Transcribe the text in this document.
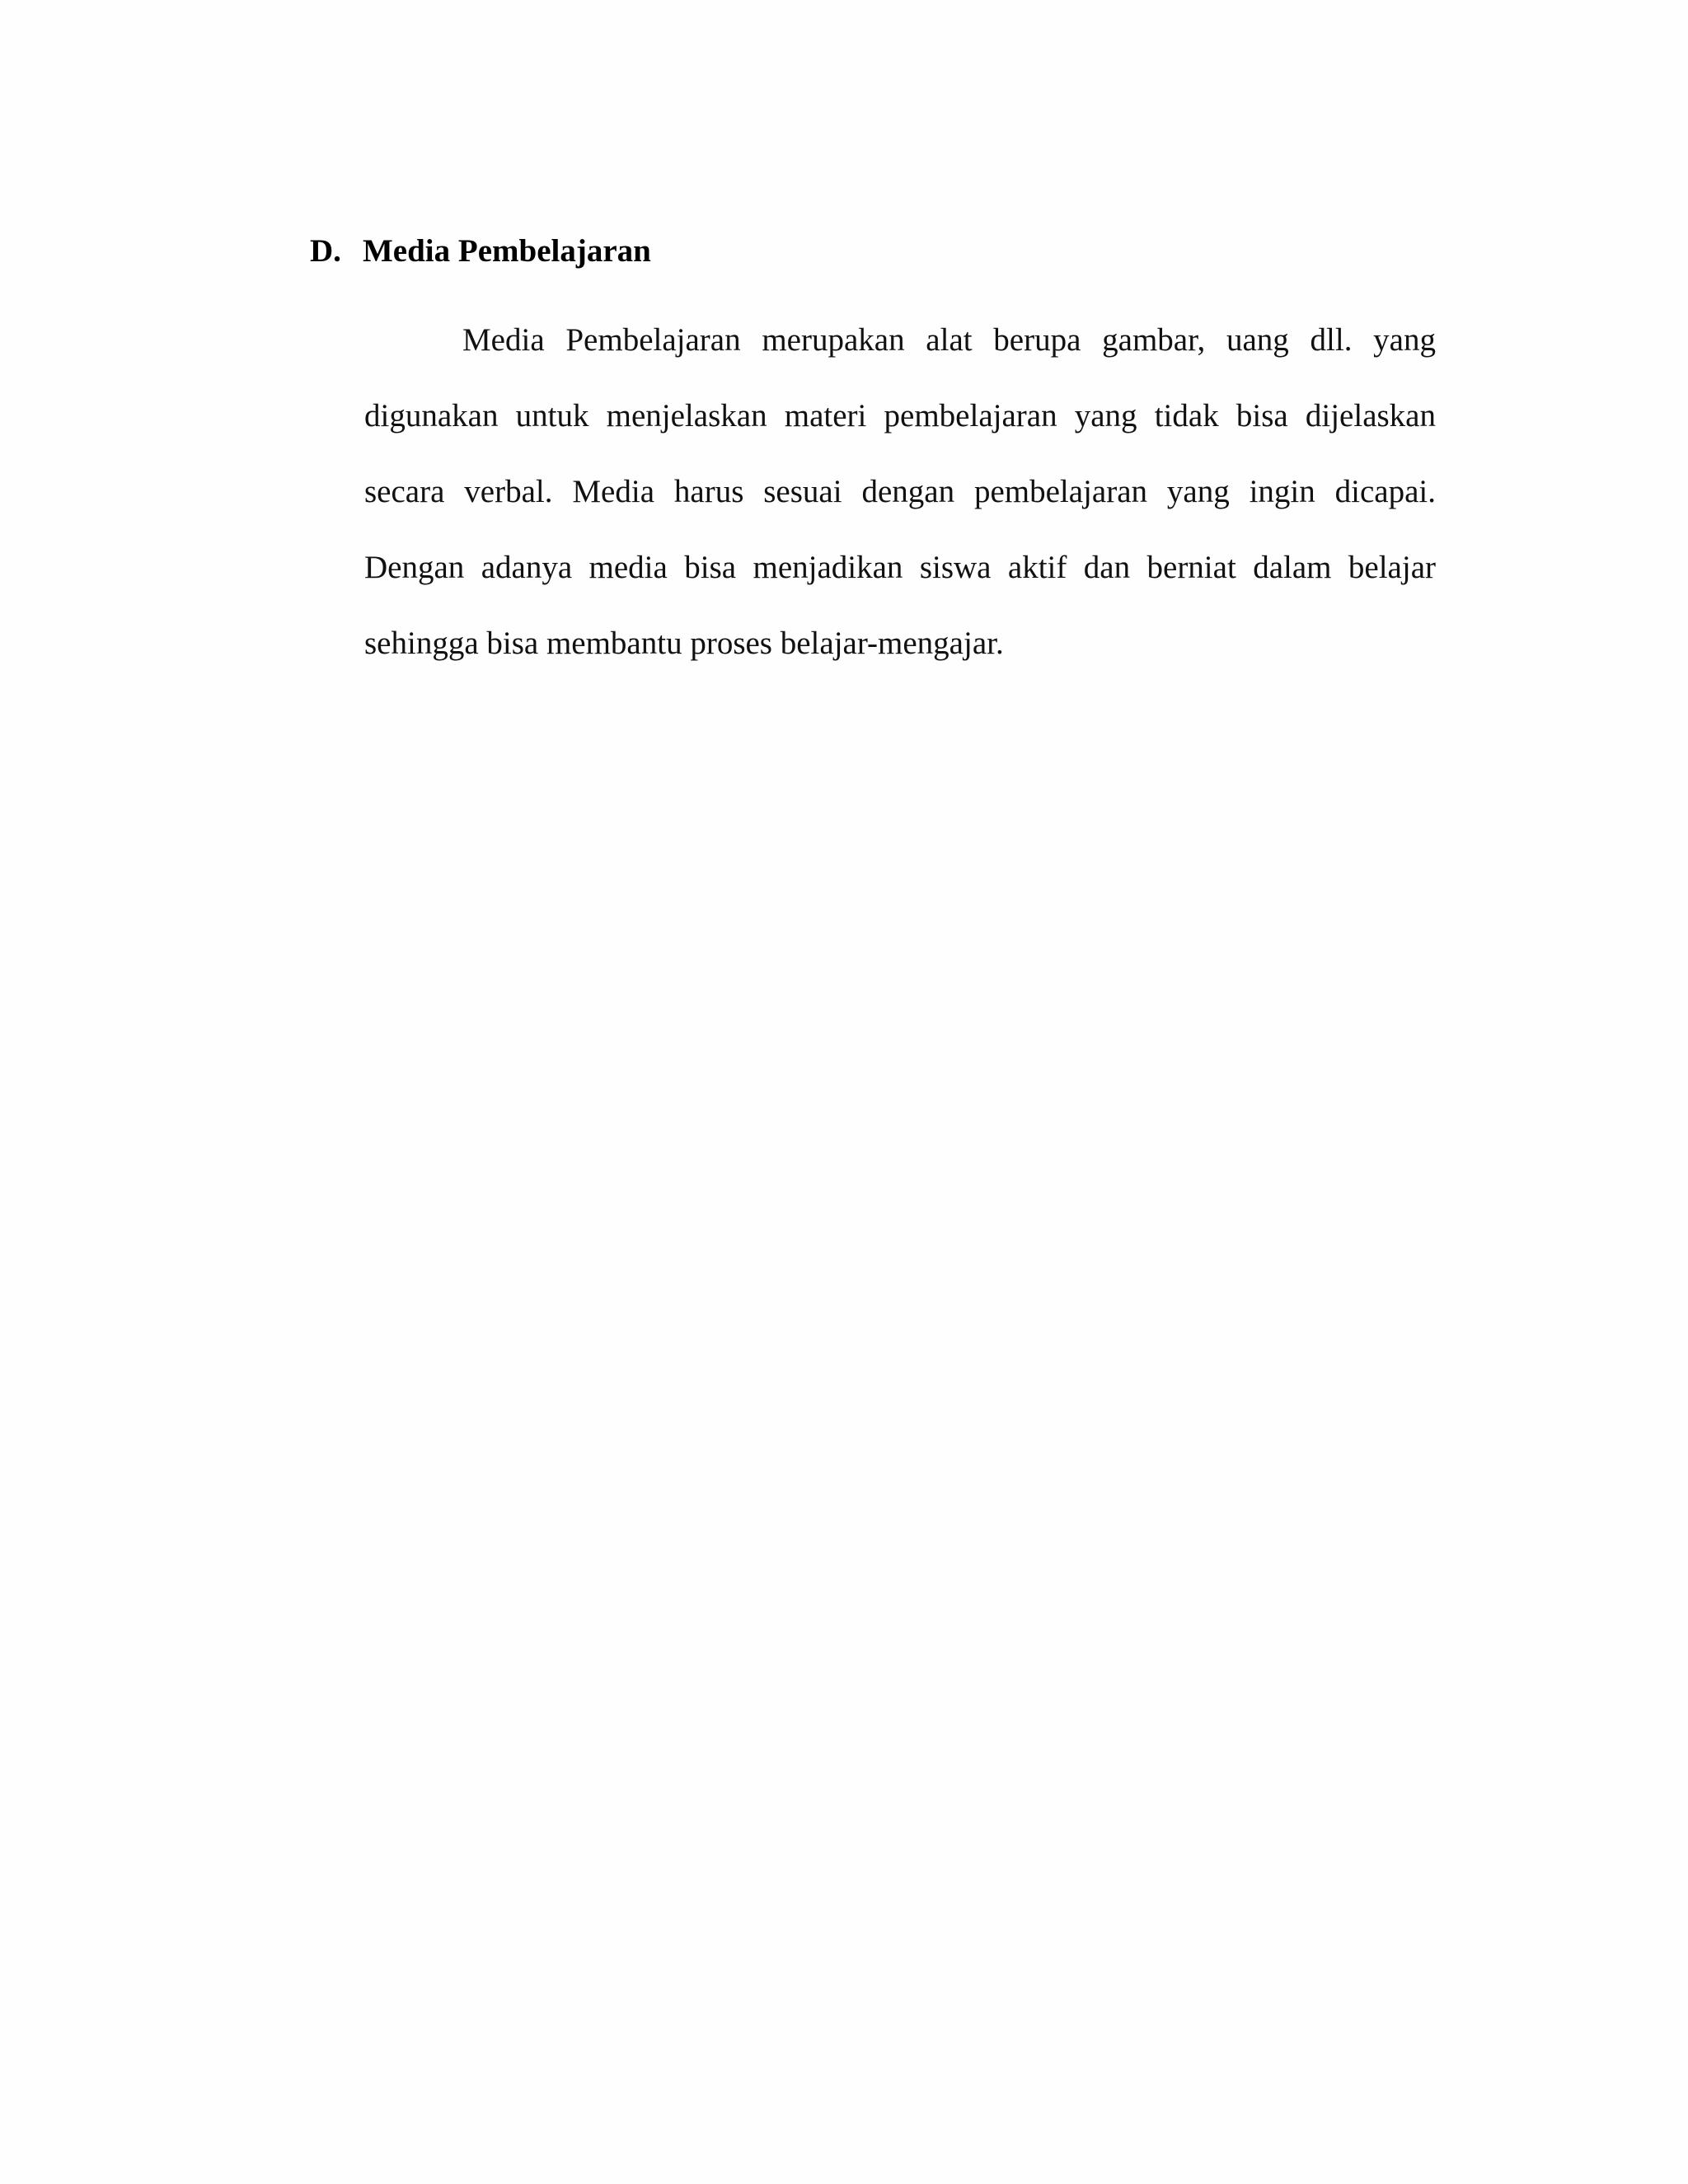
D. Media Pembelajaran

Media Pembelajaran merupakan alat berupa gambar, uang dll. yang digunakan untuk menjelaskan materi pembelajaran yang tidak bisa dijelaskan secara verbal. Media harus sesuai dengan pembelajaran yang ingin dicapai. Dengan adanya media bisa menjadikan siswa aktif dan berniat dalam belajar sehingga bisa membantu proses belajar-mengajar.
